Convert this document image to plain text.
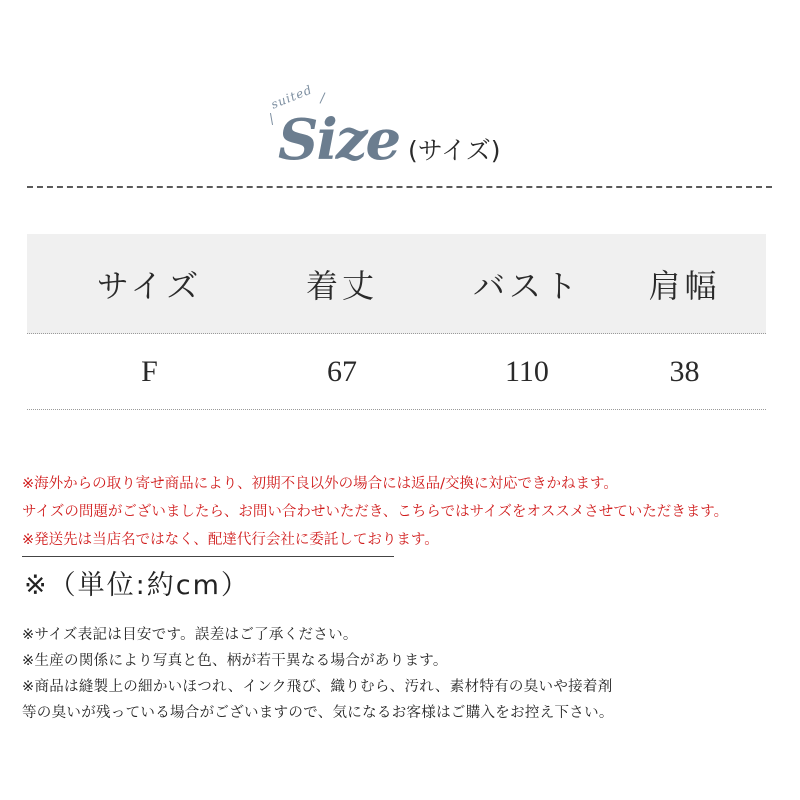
suited
Size (サイズ)
サイズ	着丈	バスト	肩幅
F	67	110	38
※海外からの取り寄せ商品により、初期不良以外の場合には返品/交換に対応できかねます。
サイズの問題がございましたら、お問い合わせいただき、こちらではサイズをオススメさせていただきます。
※発送先は当店名ではなく、配達代行会社に委託しております。
※（単位:約cm）
※サイズ表記は目安です。誤差はご了承ください。
※生産の関係により写真と色、柄が若干異なる場合があります。
※商品は縫製上の細かいほつれ、インク飛び、織りむら、汚れ、素材特有の臭いや接着剤
等の臭いが残っている場合がございますので、気になるお客様はご購入をお控え下さい。
